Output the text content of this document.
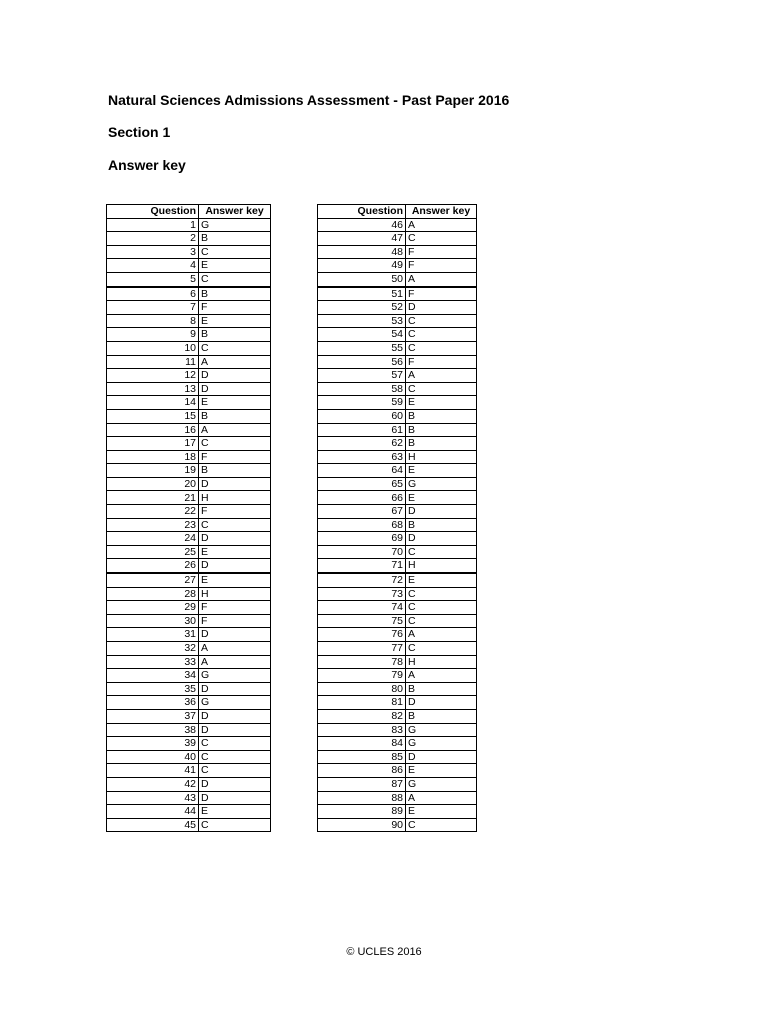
Natural Sciences Admissions Assessment - Past Paper 2016
Section 1
Answer key
Question	Answer key
1	G
2	B
3	C
4	E
5	C
6	B
7	F
8	E
9	B
10	C
11	A
12	D
13	D
14	E
15	B
16	A
17	C
18	F
19	B
20	D
21	H
22	F
23	C
24	D
25	E
26	D
27	E
28	H
29	F
30	F
31	D
32	A
33	A
34	G
35	D
36	G
37	D
38	D
39	C
40	C
41	C
42	D
43	D
44	E
45	C
Question	Answer key
46	A
47	C
48	F
49	F
50	A
51	F
52	D
53	C
54	C
55	C
56	F
57	A
58	C
59	E
60	B
61	B
62	B
63	H
64	E
65	G
66	E
67	D
68	B
69	D
70	C
71	H
72	E
73	C
74	C
75	C
76	A
77	C
78	H
79	A
80	B
81	D
82	B
83	G
84	G
85	D
86	E
87	G
88	A
89	E
90	C
© UCLES 2016
